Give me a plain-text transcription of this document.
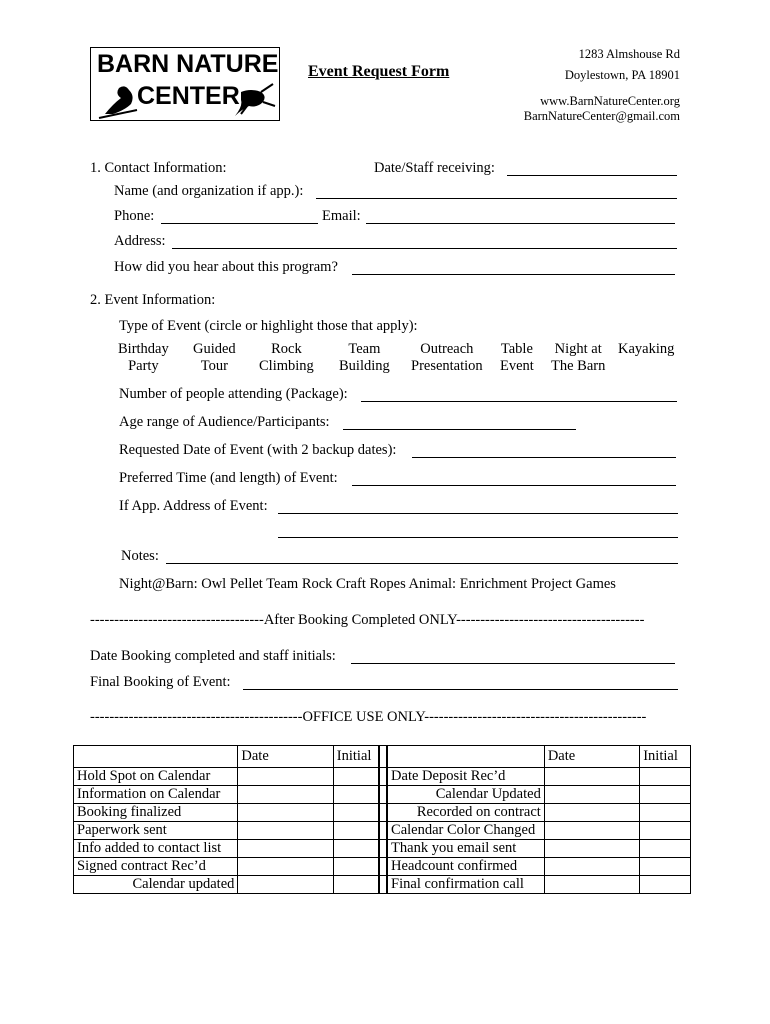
BARN NATURE
CENTER
Event Request Form
1283 Almshouse Rd
Doylestown, PA 18901
www.BarnNatureCenter.org
BarnNatureCenter@gmail.com
1. Contact Information:	Date/Staff receiving:
Name (and organization if app.):
Phone:	Email:
Address:
How did you hear about this program?
2. Event Information:
Type of Event (circle or highlight those that apply):
Birthday
Party
Guided
Tour
Rock
Climbing
Team
Building
Outreach
Presentation
Table
Event
Night at
The Barn
Kayaking
Number of people attending (Package):
Age range of Audience/Participants:
Requested Date of Event (with 2 backup dates):
Preferred Time (and length) of Event:
If App. Address of Event:
Notes:
Night@Barn: Owl Pellet Team Rock Craft Ropes Animal: Enrichment Project Games
------------------------------------After Booking Completed ONLY---------------------------------------
Date Booking completed and staff initials:
Final Booking of Event:
--------------------------------------------OFFICE USE ONLY----------------------------------------------
	Date	Initial			Date	Initial
Hold Spot on Calendar				Date Deposit Rec’d		
Information on Calendar				Calendar Updated		
Booking finalized				Recorded on contract		
Paperwork sent				Calendar Color Changed		
Info added to contact list				Thank you email sent		
Signed contract Rec’d				Headcount confirmed		
Calendar updated				Final confirmation call		
